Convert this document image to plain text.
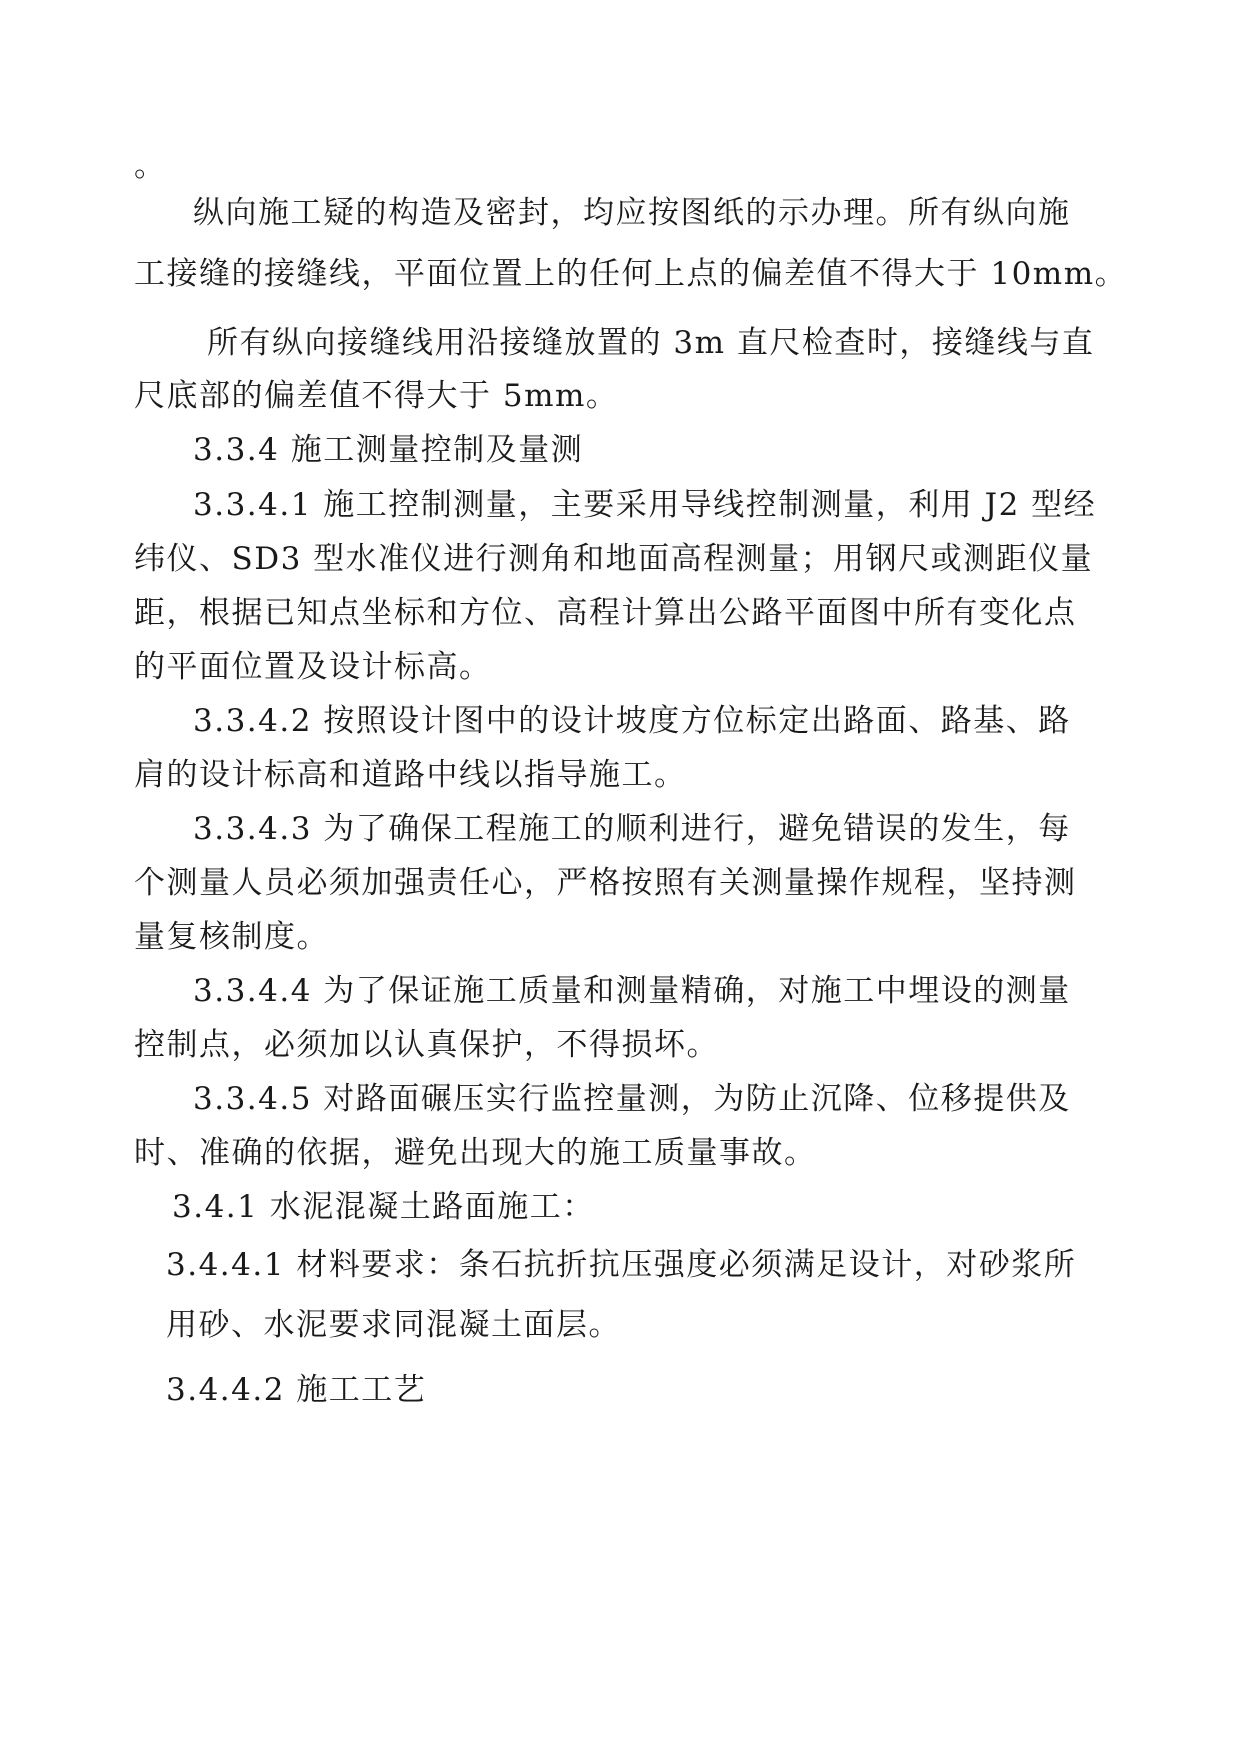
。
纵向施工疑的构造及密封，均应按图纸的示办理。所有纵向施
工接缝的接缝线，平面位置上的任何上点的偏差值不得大于 10mm。
所有纵向接缝线用沿接缝放置的 3m 直尺检查时，接缝线与直
尺底部的偏差值不得大于 5mm。
3.3.4 施工测量控制及量测
3.3.4.1 施工控制测量，主要采用导线控制测量，利用 J2 型经
纬仪、SD3 型水准仪进行测角和地面高程测量；用钢尺或测距仪量
距，根据已知点坐标和方位、高程计算出公路平面图中所有变化点
的平面位置及设计标高。
3.3.4.2 按照设计图中的设计坡度方位标定出路面、路基、路
肩的设计标高和道路中线以指导施工。
3.3.4.3 为了确保工程施工的顺利进行，避免错误的发生，每
个测量人员必须加强责任心，严格按照有关测量操作规程，坚持测
量复核制度。
3.3.4.4 为了保证施工质量和测量精确，对施工中埋设的测量
控制点，必须加以认真保护，不得损坏。
3.3.4.5 对路面碾压实行监控量测，为防止沉降、位移提供及
时、准确的依据，避免出现大的施工质量事故。
3.4.1 水泥混凝土路面施工：
3.4.4.1 材料要求：条石抗折抗压强度必须满足设计，对砂浆所
用砂、水泥要求同混凝土面层。
3.4.4.2 施工工艺
